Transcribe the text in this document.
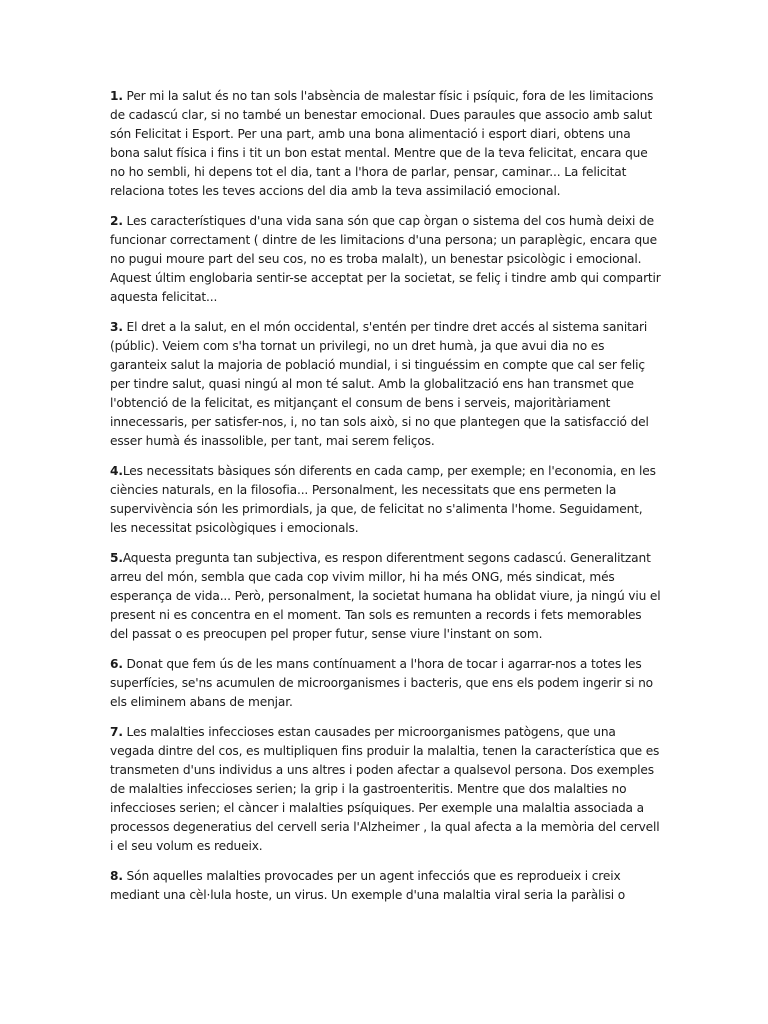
1. Per mi la salut és no tan sols l'absència de malestar físic i psíquic, fora de les limitacions de cadascú clar, si no també un benestar emocional. Dues paraules que associo amb salut són Felicitat i Esport. Per una part, amb una bona alimentació i esport diari, obtens una bona salut física i fins i tit un bon estat mental. Mentre que de la teva felicitat, encara que no ho sembli, hi depens tot el dia, tant a l'hora de parlar, pensar, caminar... La felicitat relaciona totes les teves accions del dia amb la teva assimilació emocional.

2. Les característiques d'una vida sana són que cap òrgan o sistema del cos humà deixi de funcionar correctament ( dintre de les limitacions d'una persona; un paraplègic, encara que no pugui moure part del seu cos, no es troba malalt), un benestar psicològic i emocional. Aquest últim englobaria sentir-se acceptat per la societat, se feliç i tindre amb qui compartir aquesta felicitat...

3. El dret a la salut, en el món occidental, s'entén per tindre dret accés al sistema sanitari (públic). Veiem com s'ha tornat un privilegi, no un dret humà, ja que avui dia no es garanteix salut la majoria de població mundial, i si tinguéssim en compte que cal ser feliç per tindre salut, quasi ningú al mon té salut. Amb la globalització ens han transmet que l'obtenció de la felicitat, es mitjançant el consum de bens i serveis, majoritàriament innecessaris, per satisfer-nos, i, no tan sols això, si no que plantegen que la satisfacció del esser humà és inassolible, per tant, mai serem feliços.

4.Les necessitats bàsiques són diferents en cada camp, per exemple; en l'economia, en les ciències naturals, en la filosofia... Personalment, les necessitats que ens permeten la supervivència són les primordials, ja que, de felicitat no s'alimenta l'home. Seguidament, les necessitat psicològiques i emocionals.

5.Aquesta pregunta tan subjectiva, es respon diferentment segons cadascú. Generalitzant arreu del món, sembla que cada cop vivim millor, hi ha més ONG, més sindicat, més esperança de vida... Però, personalment, la societat humana ha oblidat viure, ja ningú viu el present ni es concentra en el moment. Tan sols es remunten a records i fets memorables del passat o es preocupen pel proper futur, sense viure l'instant on som.

6. Donat que fem ús de les mans contínuament a l'hora de tocar i agarrar-nos a totes les superfícies, se'ns acumulen de microorganismes i bacteris, que ens els podem ingerir si no els eliminem abans de menjar.

7. Les malalties infeccioses estan causades per microorganismes patògens, que una vegada dintre del cos, es multipliquen fins produir la malaltia, tenen la característica que es transmeten d'uns individus a uns altres i poden afectar a qualsevol persona. Dos exemples de malalties infeccioses serien; la grip i la gastroenteritis. Mentre que dos malalties no infeccioses serien; el càncer i malalties psíquiques. Per exemple una malaltia associada a processos degeneratius del cervell seria l'Alzheimer , la qual afecta a la memòria del cervell i el seu volum es redueix.

8. Són aquelles malalties provocades per un agent infecciós que es reprodueix i creix mediant una cèl·lula hoste, un virus. Un exemple d'una malaltia viral seria la paràlisi o
